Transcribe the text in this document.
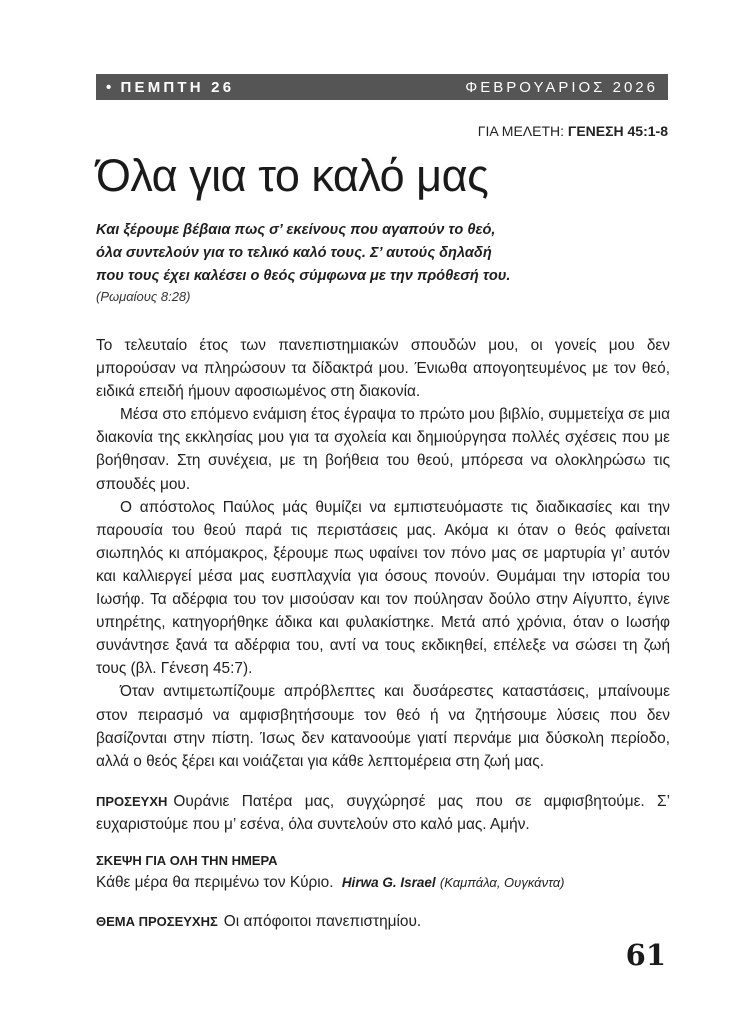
• ΠΕΜΠΤΗ 26	ΦΕΒΡΟΥΑΡΙΟΣ 2026
ΓΙΑ ΜΕΛΕΤΗ: ΓΕΝΕΣΗ 45:1-8
Όλα για το καλό μας
Και ξέρουμε βέβαια πως σ’ εκείνους που αγαπούν το θεό,
όλα συντελούν για το τελικό καλό τους. Σ’ αυτούς δηλαδή
που τους έχει καλέσει ο θεός σύμφωνα με την πρόθεσή του.
(Ρωμαίους 8:28)

Το τελευταίο έτος των πανεπιστημιακών σπουδών μου, οι γονείς μου δεν μπορούσαν να πληρώσουν τα δίδακτρά μου. Ένιωθα απογοητευμένος με τον θεό, ειδικά επειδή ήμουν αφοσιωμένος στη διακονία.

Μέσα στο επόμενο ενάμιση έτος έγραψα το πρώτο μου βιβλίο, συμμετείχα σε μια διακονία της εκκλησίας μου για τα σχολεία και δημιούργησα πολλές σχέσεις που με βοήθησαν. Στη συνέχεια, με τη βοήθεια του θεού, μπόρεσα να ολοκληρώσω τις σπουδές μου.

Ο απόστολος Παύλος μάς θυμίζει να εμπιστευόμαστε τις διαδικασίες και την παρουσία του θεού παρά τις περιστάσεις μας. Ακόμα κι όταν ο θεός φαίνεται σιωπηλός κι απόμακρος, ξέρουμε πως υφαίνει τον πόνο μας σε μαρτυρία γι’ αυτόν και καλλιεργεί μέσα μας ευσπλαχνία για όσους πονούν. Θυμάμαι την ιστορία του Ιωσήφ. Τα αδέρφια του τον μισούσαν και τον πούλησαν δούλο στην Αίγυπτο, έγινε υπηρέτης, κατηγορήθηκε άδικα και φυλακίστηκε. Μετά από χρόνια, όταν ο Ιωσήφ συνάντησε ξανά τα αδέρφια του, αντί να τους εκδικηθεί, επέλεξε να σώσει τη ζωή τους (βλ. Γένεση 45:7).

Όταν αντιμετωπίζουμε απρόβλεπτες και δυσάρεστες καταστάσεις, μπαίνουμε στον πειρασμό να αμφισβητήσουμε τον θεό ή να ζητήσουμε λύσεις που δεν βασίζονται στην πίστη. Ίσως δεν κατανοούμε γιατί περνάμε μια δύσκολη περίοδο, αλλά ο θεός ξέρει και νοιάζεται για κάθε λεπτομέρεια στη ζωή μας.

ΠΡΟΣΕΥΧΗ Ουράνιε Πατέρα μας, συγχώρησέ μας που σε αμφισβητούμε. Σ’ ευχαριστούμε που μ’ εσένα, όλα συντελούν στο καλό μας. Αμήν.
ΣΚΕΨΗ ΓΙΑ ΟΛΗ ΤΗΝ ΗΜΕΡΑ
Κάθε μέρα θα περιμένω τον Κύριο. Hirwa G. Israel (Καμπάλα, Ουγκάντα)
ΘΕΜΑ ΠΡΟΣΕΥΧΗΣ Οι απόφοιτοι πανεπιστημίου.
61
